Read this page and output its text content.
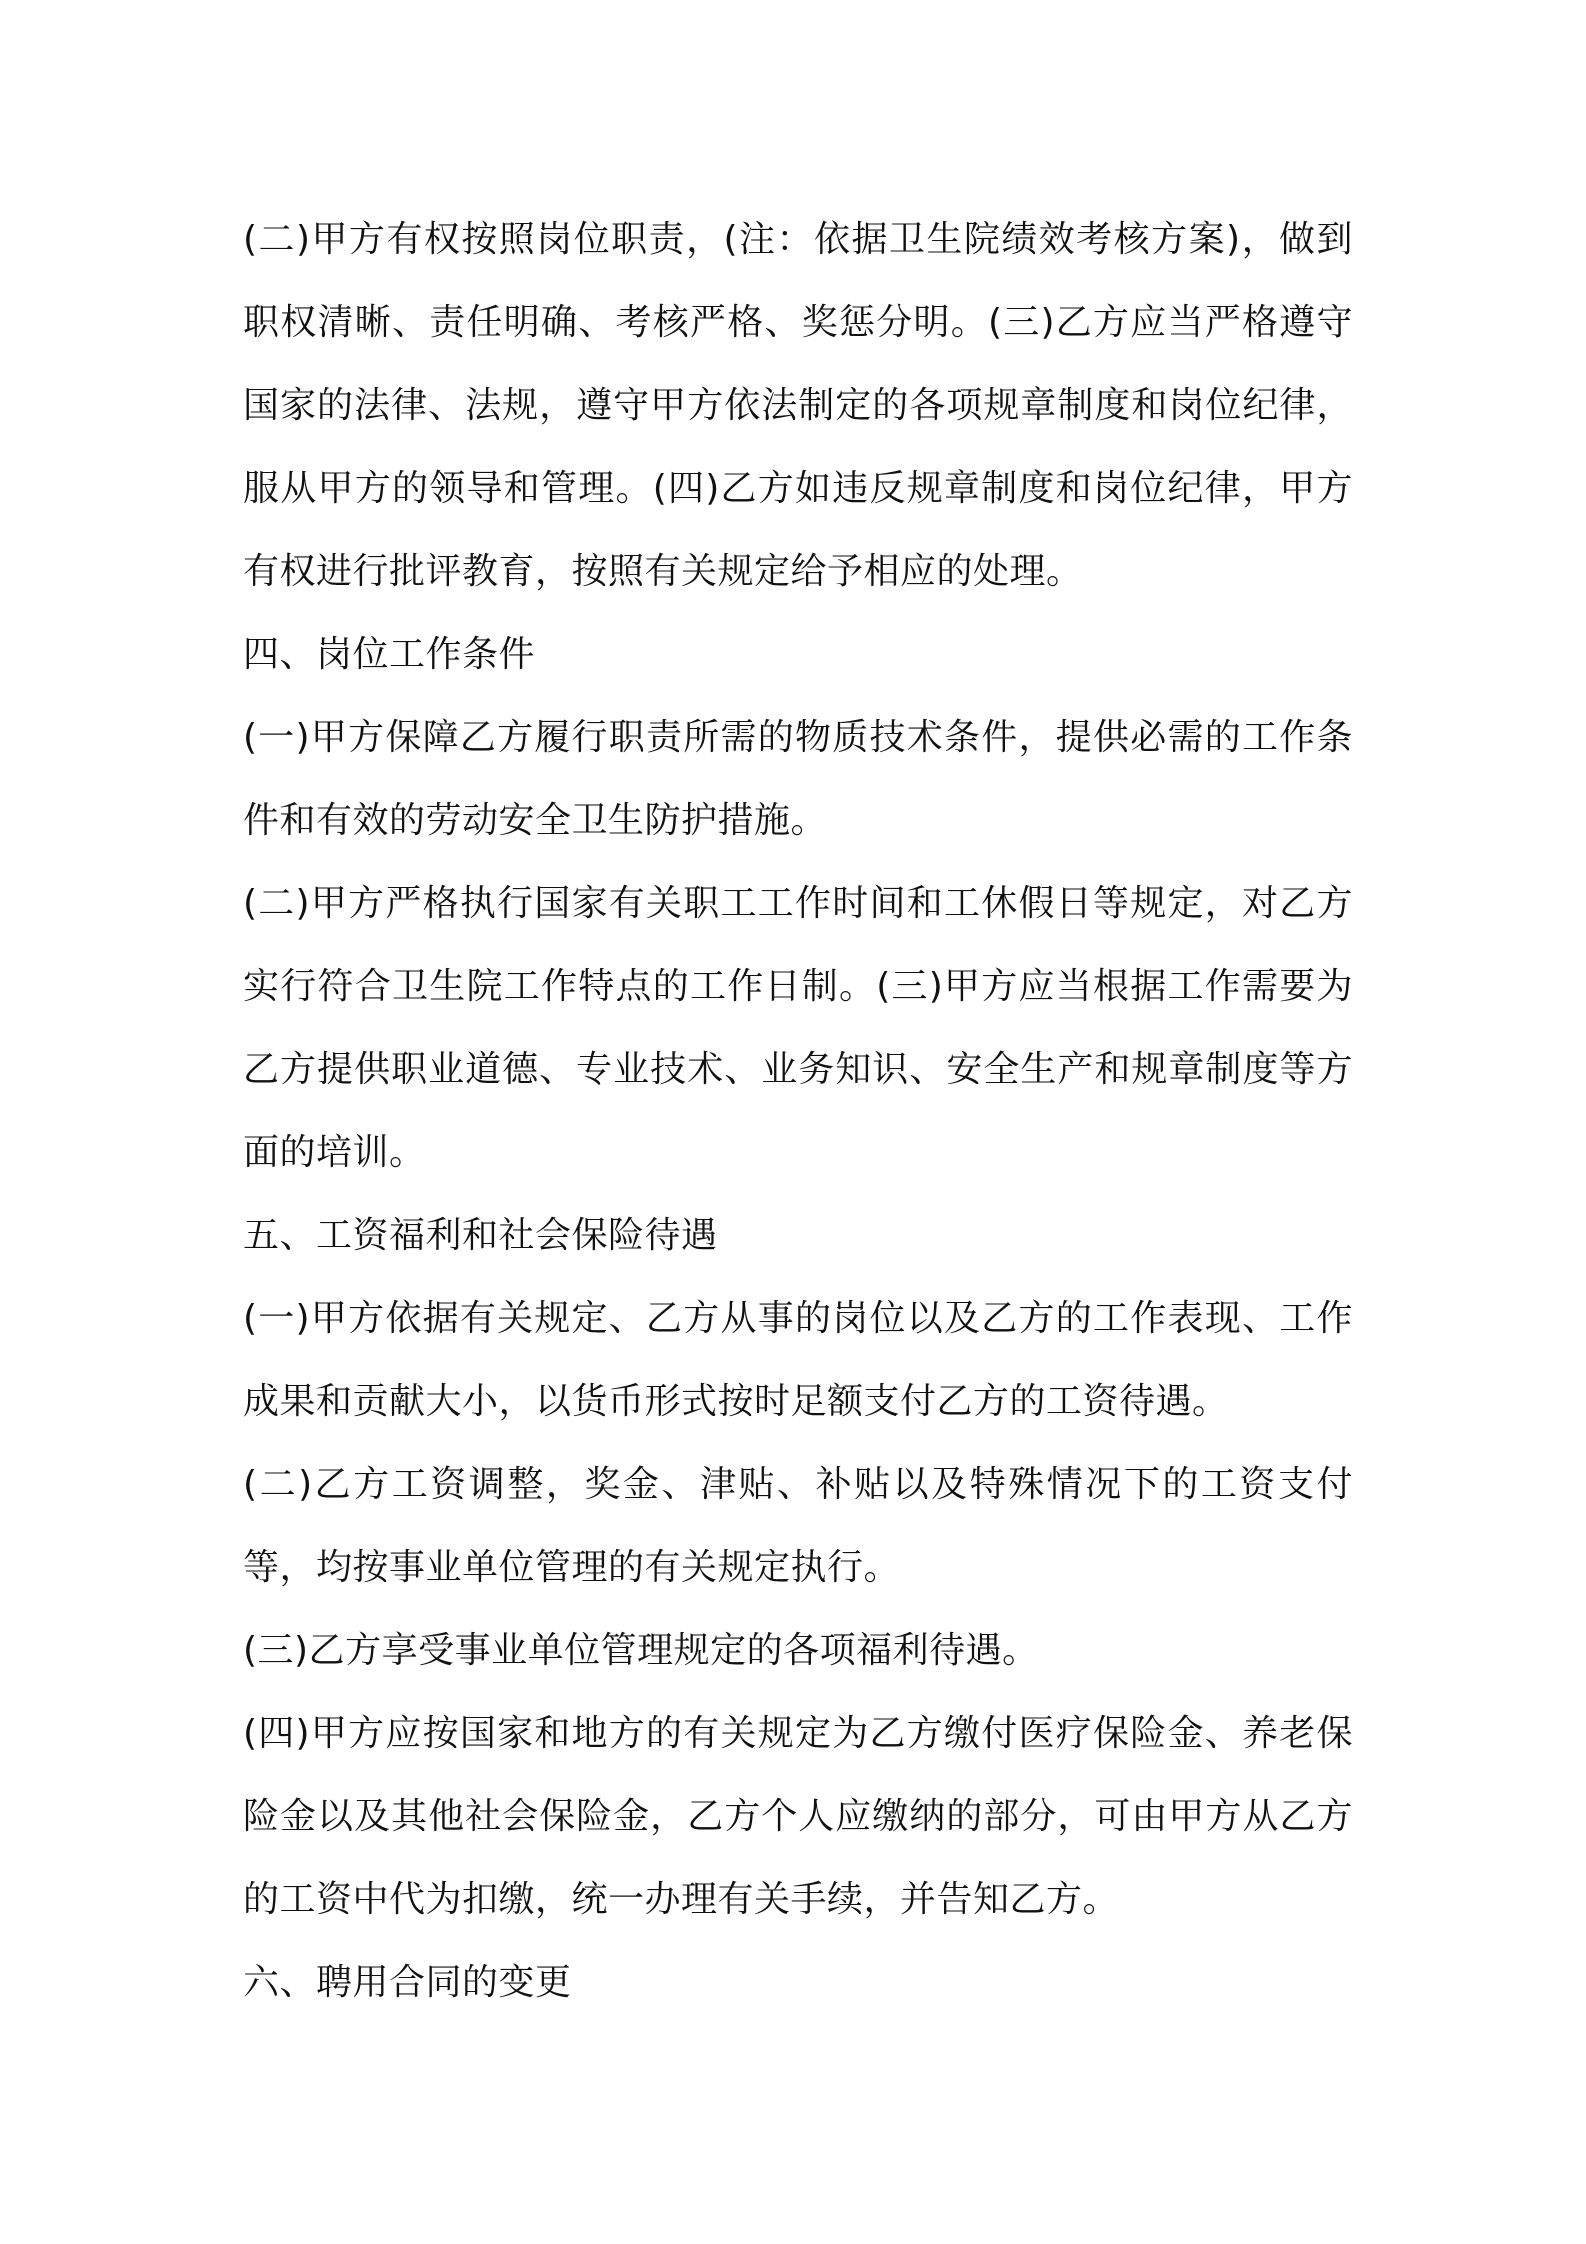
(二)甲方有权按照岗位职责，(注：依据卫生院绩效考核方案)，做到职权清晰、责任明确、考核严格、奖惩分明。(三)乙方应当严格遵守国家的法律、法规，遵守甲方依法制定的各项规章制度和岗位纪律，服从甲方的领导和管理。(四)乙方如违反规章制度和岗位纪律，甲方有权进行批评教育，按照有关规定给予相应的处理。

四、岗位工作条件

(一)甲方保障乙方履行职责所需的物质技术条件，提供必需的工作条件和有效的劳动安全卫生防护措施。

(二)甲方严格执行国家有关职工工作时间和工休假日等规定，对乙方实行符合卫生院工作特点的工作日制。(三)甲方应当根据工作需要为乙方提供职业道德、专业技术、业务知识、安全生产和规章制度等方面的培训。

五、工资福利和社会保险待遇

(一)甲方依据有关规定、乙方从事的岗位以及乙方的工作表现、工作成果和贡献大小，以货币形式按时足额支付乙方的工资待遇。

(二)乙方工资调整，奖金、津贴、补贴以及特殊情况下的工资支付等，均按事业单位管理的有关规定执行。

(三)乙方享受事业单位管理规定的各项福利待遇。

(四)甲方应按国家和地方的有关规定为乙方缴付医疗保险金、养老保险金以及其他社会保险金，乙方个人应缴纳的部分，可由甲方从乙方的工资中代为扣缴，统一办理有关手续，并告知乙方。

六、聘用合同的变更
